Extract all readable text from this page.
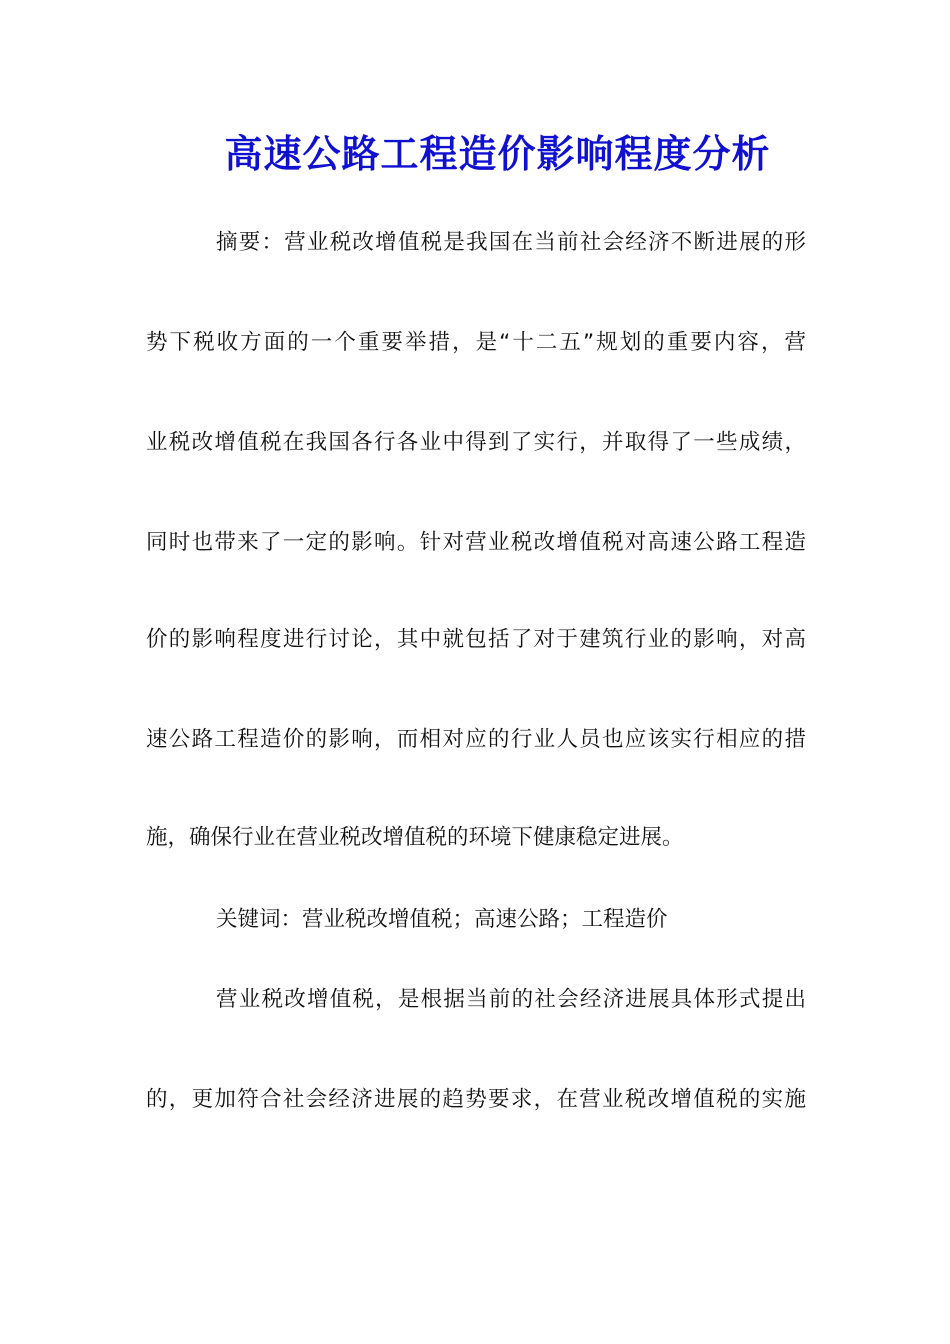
高速公路工程造价影响程度分析
摘要：营业税改增值税是我国在当前社会经济不断进展的形
势下税收方面的一个重要举措，是“十二五”规划的重要内容，营
业税改增值税在我国各行各业中得到了实行，并取得了一些成绩，
同时也带来了一定的影响。针对营业税改增值税对高速公路工程造
价的影响程度进行讨论，其中就包括了对于建筑行业的影响，对高
速公路工程造价的影响，而相对应的行业人员也应该实行相应的措
施，确保行业在营业税改增值税的环境下健康稳定进展。
关键词：营业税改增值税；高速公路；工程造价
营业税改增值税，是根据当前的社会经济进展具体形式提出
的，更加符合社会经济进展的趋势要求，在营业税改增值税的实施
